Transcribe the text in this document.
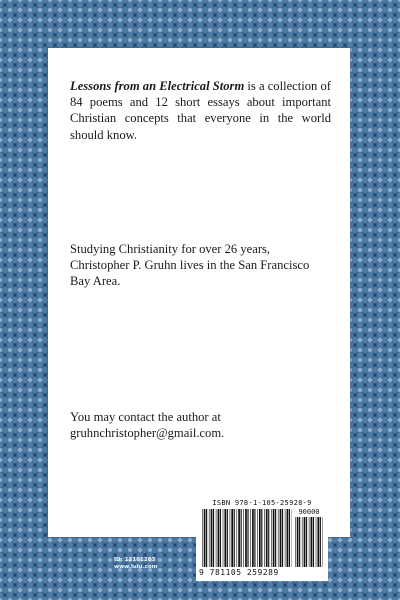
Lessons from an Electrical Storm is a collection of 84 poems and 12 short essays about important Christian concepts that everyone in the world should know.

Studying Christianity for over 26 years, Christopher P. Gruhn lives in the San Francisco Bay Area.

You may contact the author at
gruhnchristopher@gmail.com.

ISBN 978-1-105-25928-9
90000
9 781105 259289
ID: 12101203
www.lulu.com
